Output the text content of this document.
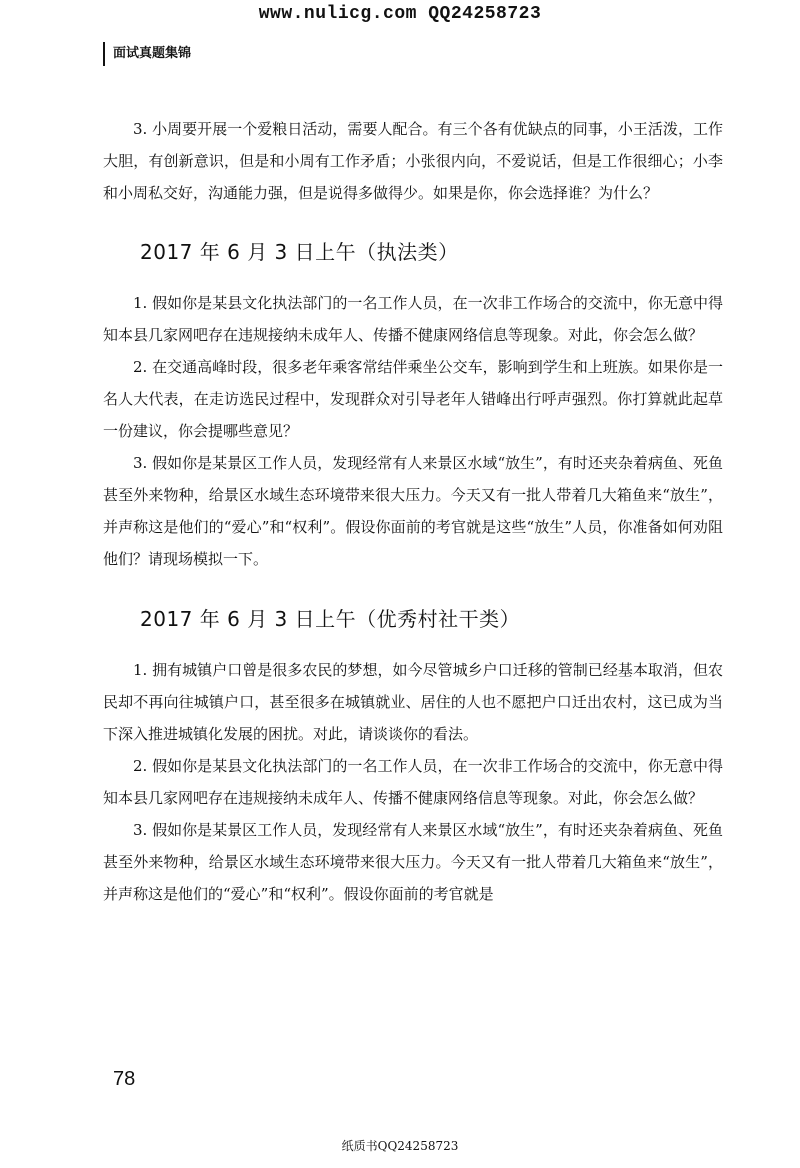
www.nulicg.com QQ24258723
面试真题集锦

3. 小周要开展一个爱粮日活动，需要人配合。有三个各有优缺点的同事，小王活泼，工作大胆，有创新意识，但是和小周有工作矛盾；小张很内向，不爱说话，但是工作很细心；小李和小周私交好，沟通能力强，但是说得多做得少。如果是你，你会选择谁？为什么？

2017 年 6 月 3 日上午（执法类）

1. 假如你是某县文化执法部门的一名工作人员，在一次非工作场合的交流中，你无意中得知本县几家网吧存在违规接纳未成年人、传播不健康网络信息等现象。对此，你会怎么做？

2. 在交通高峰时段，很多老年乘客常结伴乘坐公交车，影响到学生和上班族。如果你是一名人大代表，在走访选民过程中，发现群众对引导老年人错峰出行呼声强烈。你打算就此起草一份建议，你会提哪些意见？

3. 假如你是某景区工作人员，发现经常有人来景区水域“放生”，有时还夹杂着病鱼、死鱼甚至外来物种，给景区水域生态环境带来很大压力。今天又有一批人带着几大箱鱼来“放生”，并声称这是他们的“爱心”和“权利”。假设你面前的考官就是这些“放生”人员，你准备如何劝阻他们？请现场模拟一下。

2017 年 6 月 3 日上午（优秀村社干类）

1. 拥有城镇户口曾是很多农民的梦想，如今尽管城乡户口迁移的管制已经基本取消，但农民却不再向往城镇户口，甚至很多在城镇就业、居住的人也不愿把户口迁出农村，这已成为当下深入推进城镇化发展的困扰。对此，请谈谈你的看法。

2. 假如你是某县文化执法部门的一名工作人员，在一次非工作场合的交流中，你无意中得知本县几家网吧存在违规接纳未成年人、传播不健康网络信息等现象。对此，你会怎么做？

3. 假如你是某景区工作人员，发现经常有人来景区水域“放生”，有时还夹杂着病鱼、死鱼甚至外来物种，给景区水域生态环境带来很大压力。今天又有一批人带着几大箱鱼来“放生”，并声称这是他们的“爱心”和“权利”。假设你面前的考官就是

78
纸质书QQ24258723
